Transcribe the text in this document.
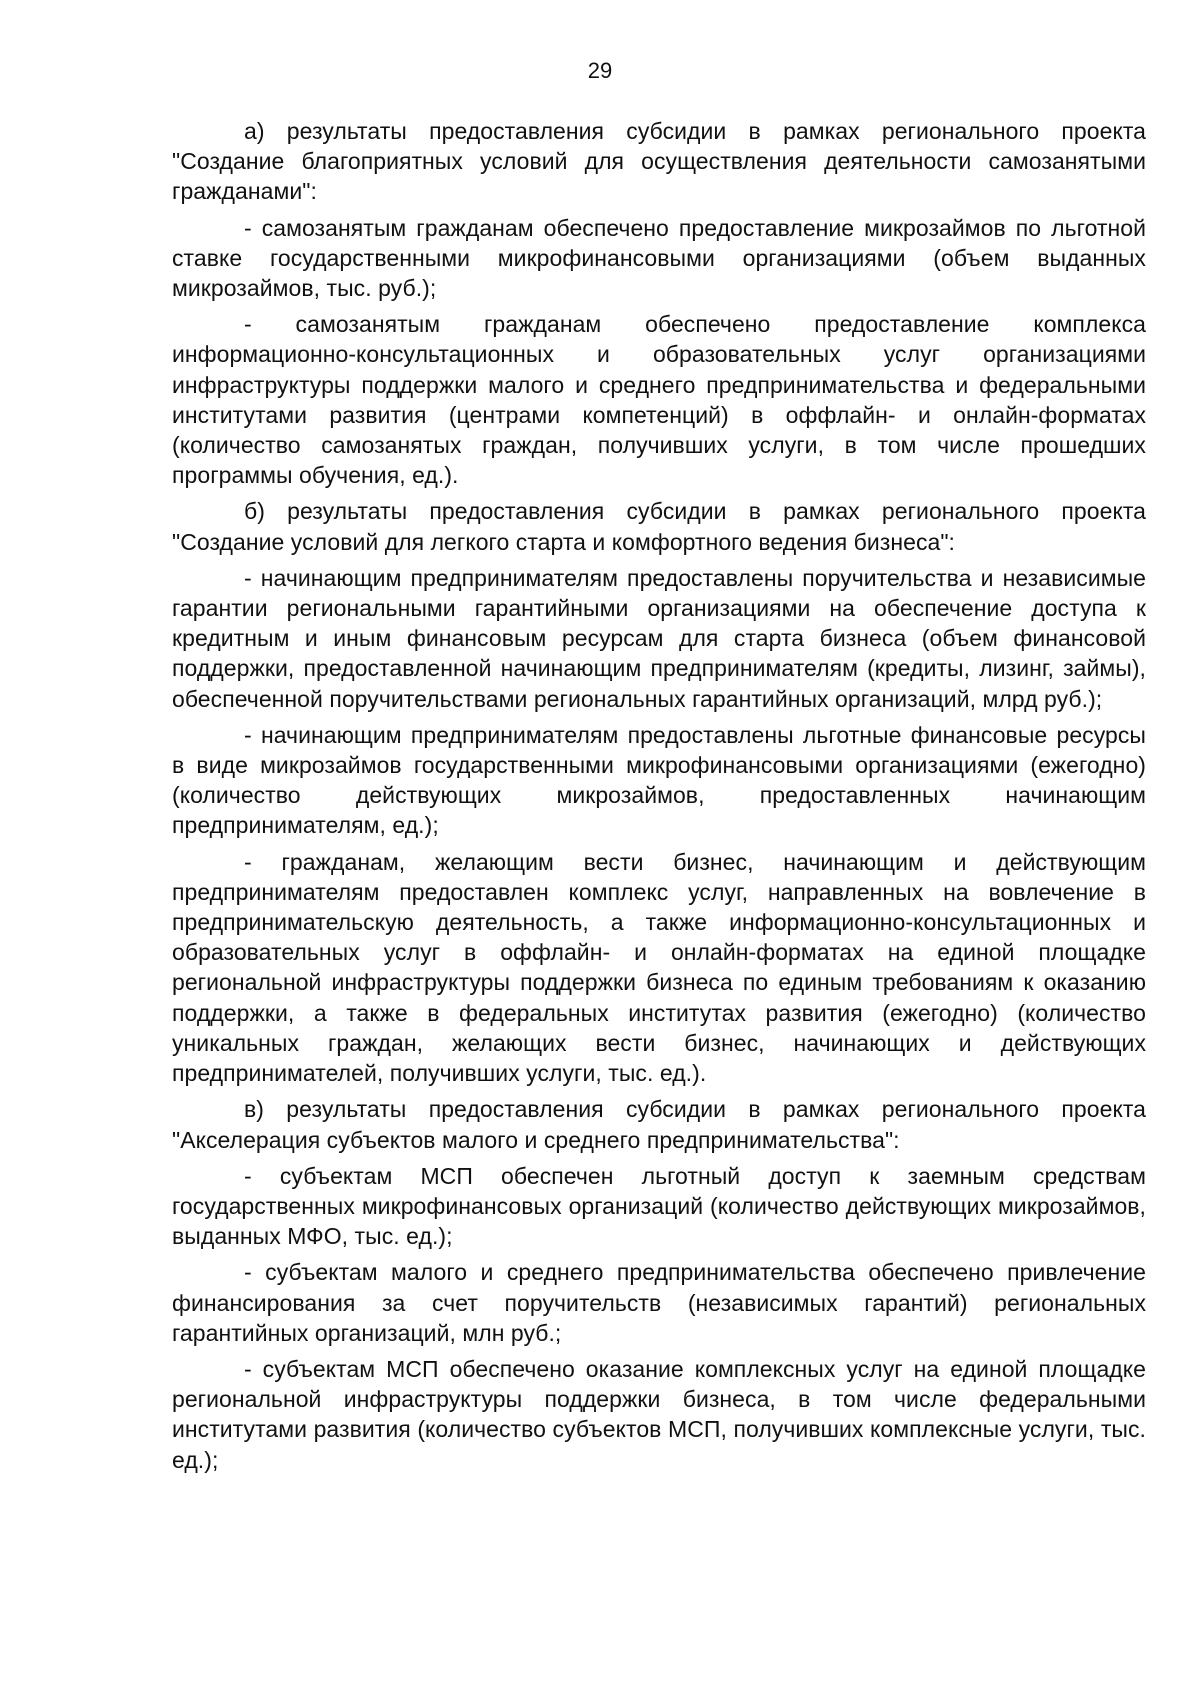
29

а) результаты предоставления субсидии в рамках регионального проекта "Создание благоприятных условий для осуществления деятельности самозанятыми гражданами":

- самозанятым гражданам обеспечено предоставление микрозаймов по льготной ставке государственными микрофинансовыми организациями (объем выданных микрозаймов, тыс. руб.);

- самозанятым гражданам обеспечено предоставление комплекса информационно-консультационных и образовательных услуг организациями инфраструктуры поддержки малого и среднего предпринимательства и федеральными институтами развития (центрами компетенций) в оффлайн- и онлайн-форматах (количество самозанятых граждан, получивших услуги, в том числе прошедших программы обучения, ед.).

б) результаты предоставления субсидии в рамках регионального проекта "Создание условий для легкого старта и комфортного ведения бизнеса":

- начинающим предпринимателям предоставлены поручительства и независимые гарантии региональными гарантийными организациями на обеспечение доступа к кредитным и иным финансовым ресурсам для старта бизнеса (объем финансовой поддержки, предоставленной начинающим предпринимателям (кредиты, лизинг, займы), обеспеченной поручительствами региональных гарантийных организаций, млрд руб.);

- начинающим предпринимателям предоставлены льготные финансовые ресурсы в виде микрозаймов государственными микрофинансовыми организациями (ежегодно) (количество действующих микрозаймов, предоставленных начинающим предпринимателям, ед.);

- гражданам, желающим вести бизнес, начинающим и действующим предпринимателям предоставлен комплекс услуг, направленных на вовлечение в предпринимательскую деятельность, а также информационно-консультационных и образовательных услуг в оффлайн- и онлайн-форматах на единой площадке региональной инфраструктуры поддержки бизнеса по единым требованиям к оказанию поддержки, а также в федеральных институтах развития (ежегодно) (количество уникальных граждан, желающих вести бизнес, начинающих и действующих предпринимателей, получивших услуги, тыс. ед.).

в) результаты предоставления субсидии в рамках регионального проекта "Акселерация субъектов малого и среднего предпринимательства":

- субъектам МСП обеспечен льготный доступ к заемным средствам государственных микрофинансовых организаций (количество действующих микрозаймов, выданных МФО, тыс. ед.);

- субъектам малого и среднего предпринимательства обеспечено привлечение финансирования за счет поручительств (независимых гарантий) региональных гарантийных организаций, млн руб.;

- субъектам МСП обеспечено оказание комплексных услуг на единой площадке региональной инфраструктуры поддержки бизнеса, в том числе федеральными институтами развития (количество субъектов МСП, получивших комплексные услуги, тыс. ед.);
